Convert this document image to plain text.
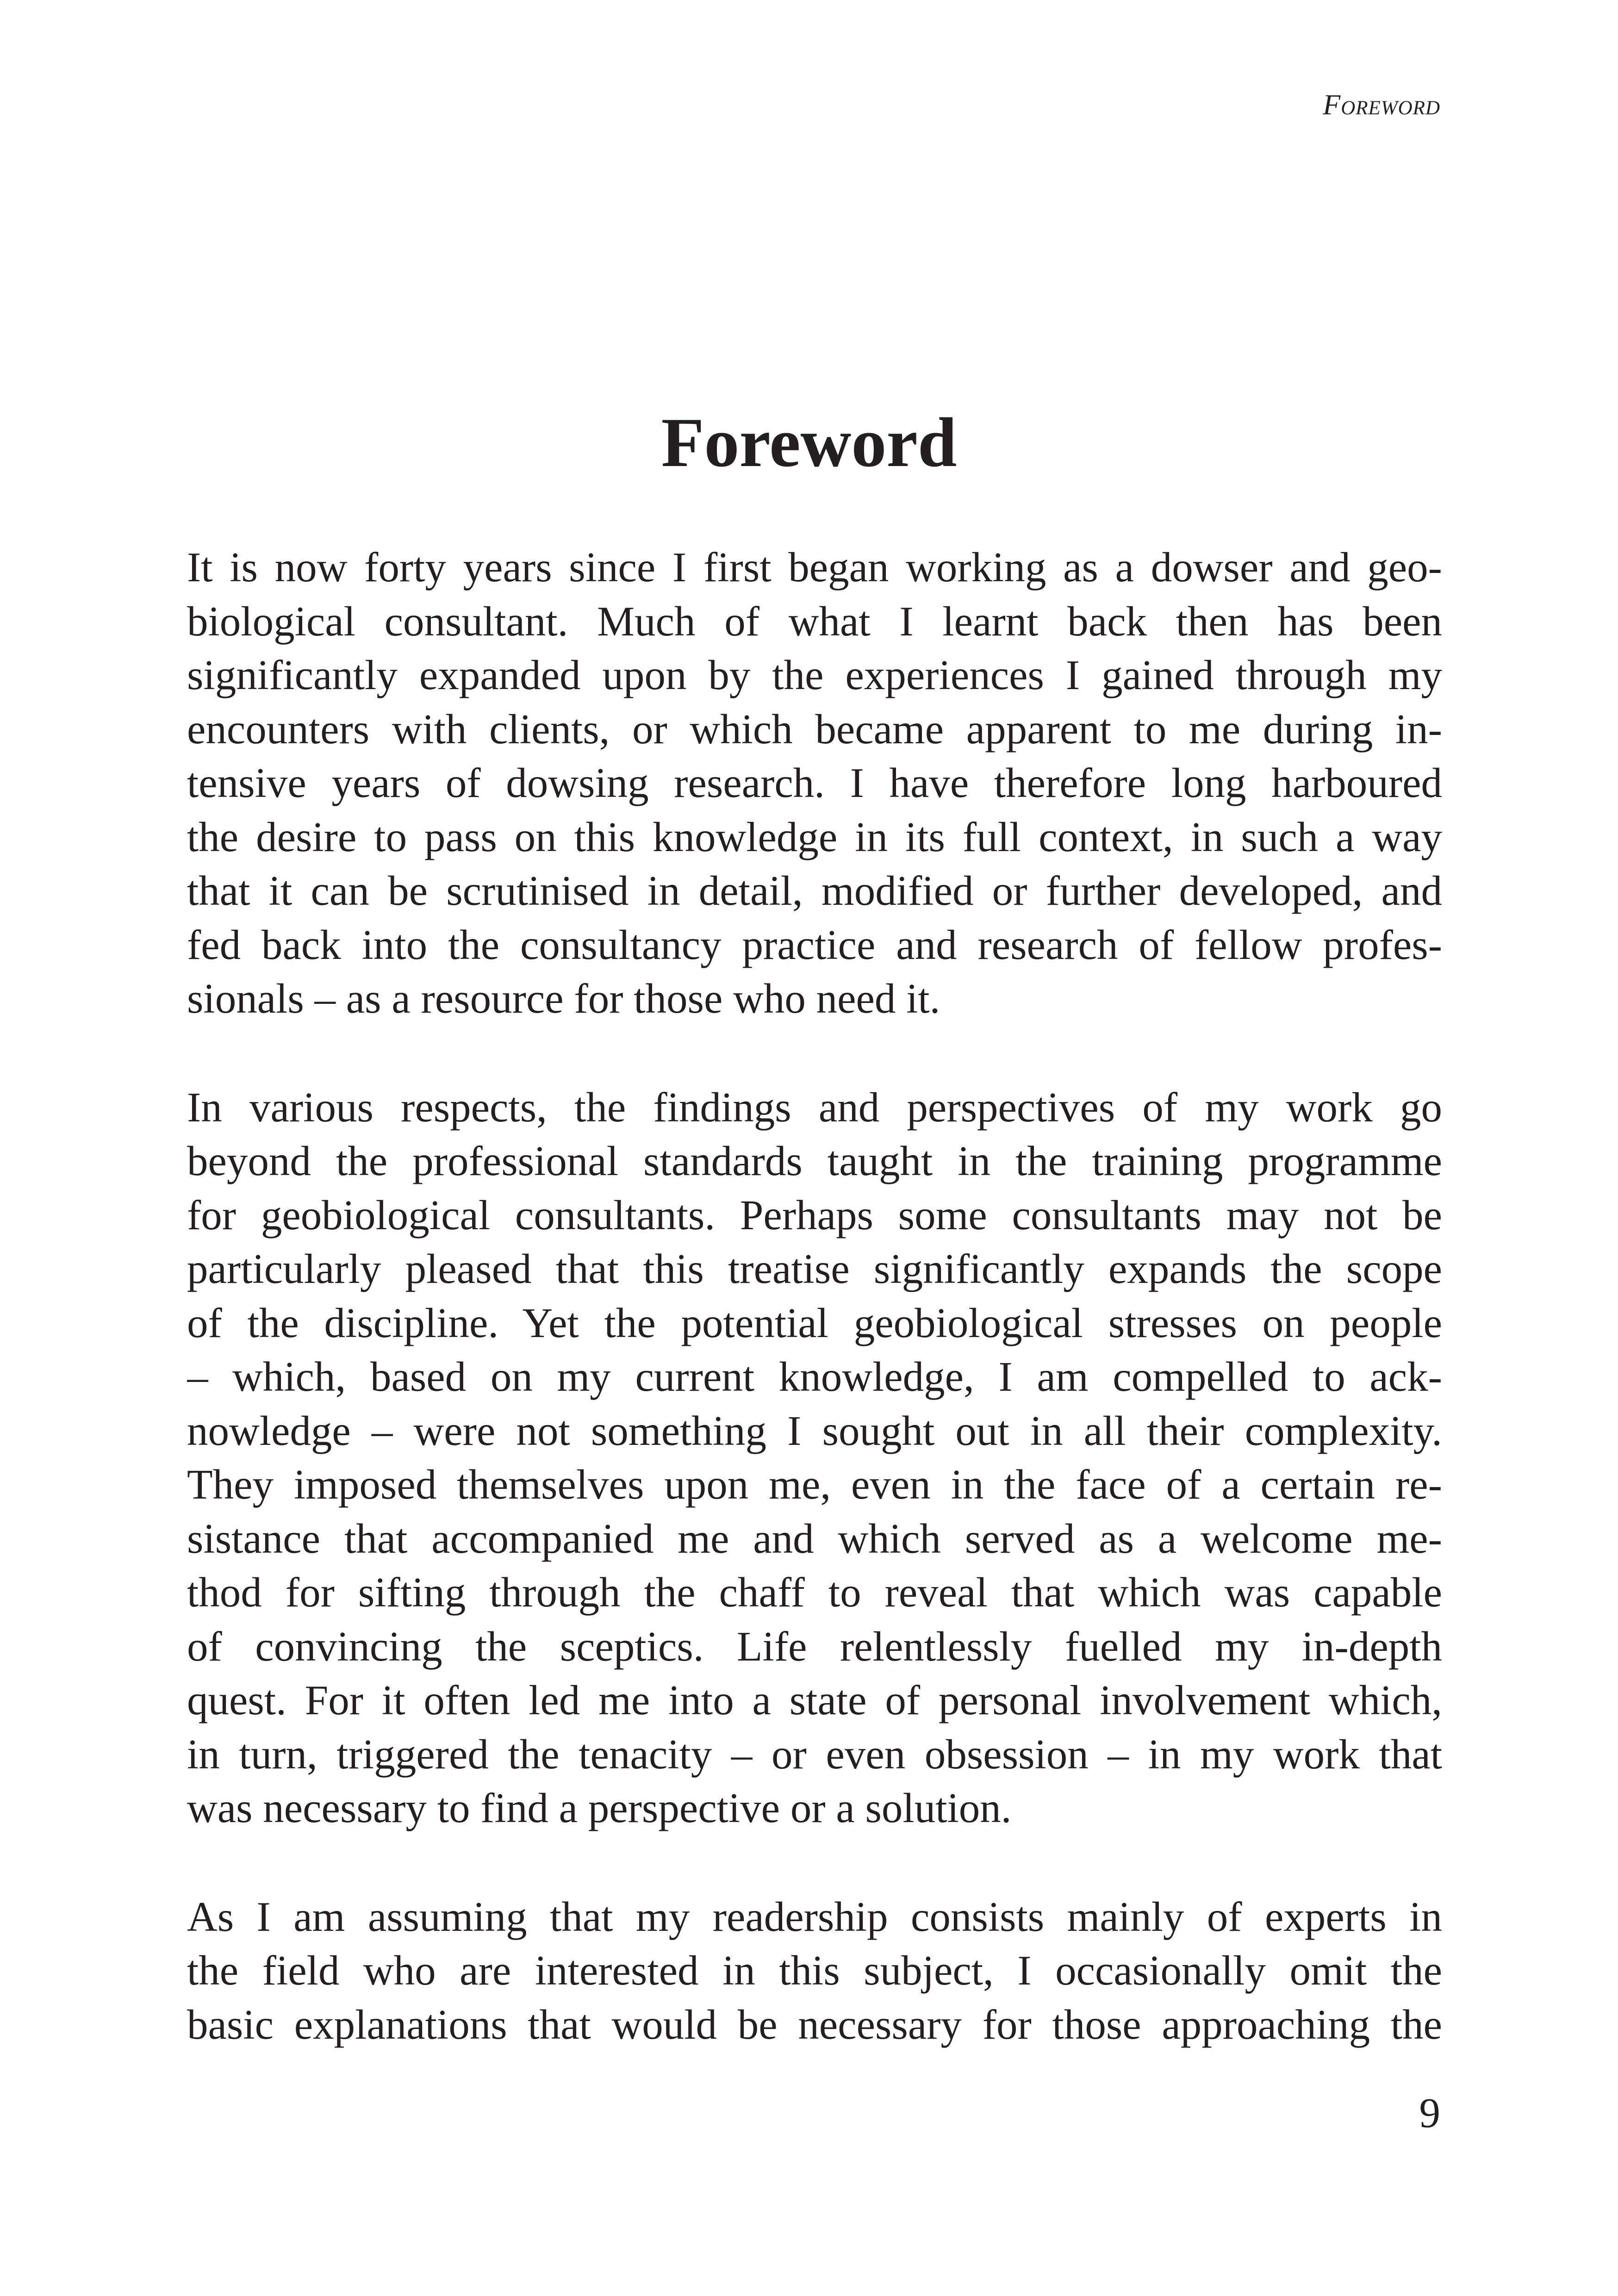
Foreword
Foreword
It is now forty years since I first began working as a dowser and geo-
biological consultant. Much of what I learnt back then has been
significantly expanded upon by the experiences I gained through my
encounters with clients, or which became apparent to me during in-
tensive years of dowsing research. I have therefore long harboured
the desire to pass on this knowledge in its full context, in such a way
that it can be scrutinised in detail, modified or further developed, and
fed back into the consultancy practice and research of fellow profes-
sionals – as a resource for those who need it.
In various respects, the findings and perspectives of my work go
beyond the professional standards taught in the training programme
for geobiological consultants. Perhaps some consultants may not be
particularly pleased that this treatise significantly expands the scope
of the discipline. Yet the potential geobiological stresses on people
– which, based on my current knowledge, I am compelled to ack-
nowledge – were not something I sought out in all their complexity.
They imposed themselves upon me, even in the face of a certain re-
sistance that accompanied me and which served as a welcome me-
thod for sifting through the chaff to reveal that which was capable
of convincing the sceptics. Life relentlessly fuelled my in-depth
quest. For it often led me into a state of personal involvement which,
in turn, triggered the tenacity – or even obsession – in my work that
was necessary to find a perspective or a solution.
As I am assuming that my readership consists mainly of experts in
the field who are interested in this subject, I occasionally omit the
basic explanations that would be necessary for those approaching the
9
